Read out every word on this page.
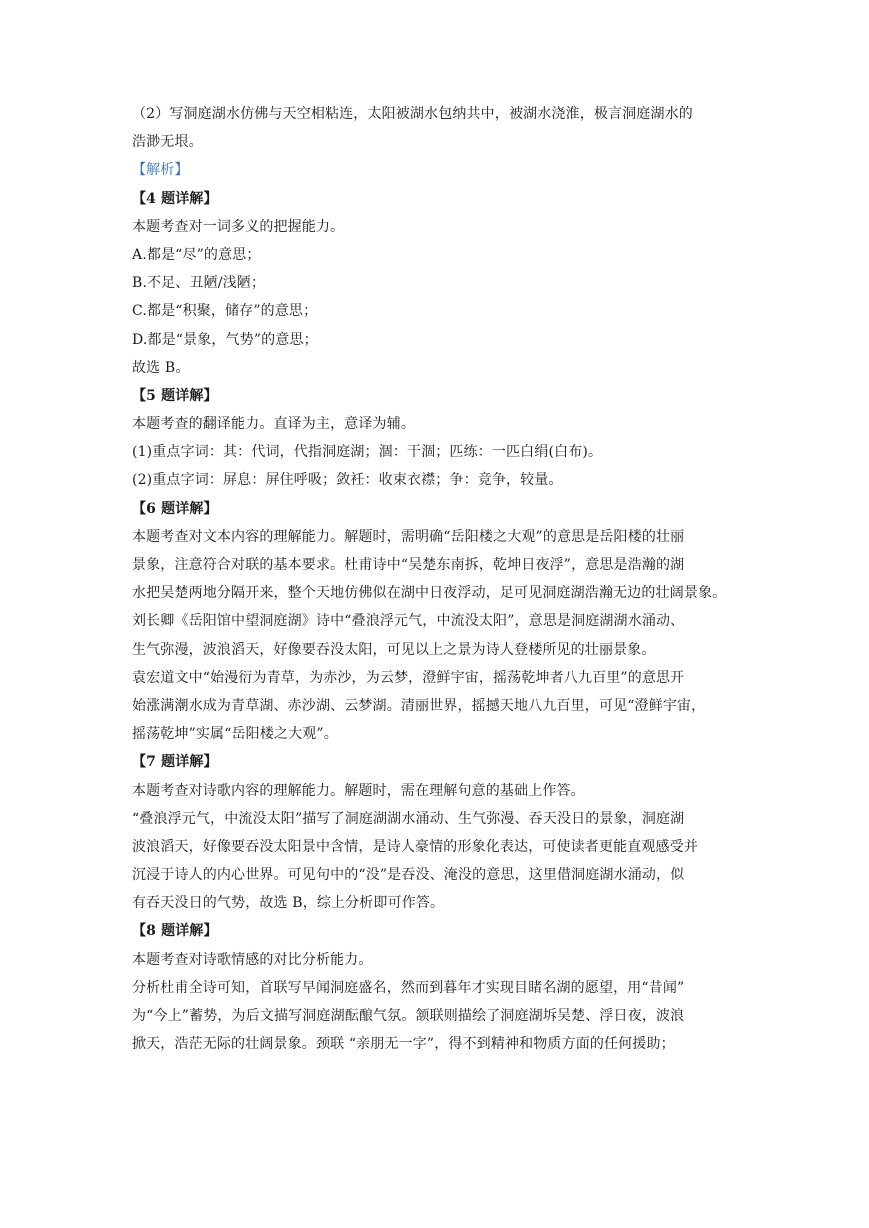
（2）写洞庭湖水仿佛与天空相粘连，太阳被湖水包纳共中，被湖水浇淮，极言洞庭湖水的
浩渺无垠。
【解析】
【4 题详解】
本题考查对一词多义的把握能力。
A.都是“尽”的意思；
B.不足、丑陋/浅陋；
C.都是“积聚，储存”的意思；
D.都是“景象，气势”的意思；
故选 B。
【5 题详解】
本题考查的翻译能力。直译为主，意译为辅。
(1)重点字词：其：代词，代指洞庭湖；涸：干涸；匹练：一匹白绢(白布)。
(2)重点字词：屏息：屏住呼吸；敛衽：收束衣襟；争：竞争，较量。
【6 题详解】
本题考查对文本内容的理解能力。解题时，需明确“岳阳楼之大观”的意思是岳阳楼的壮丽
景象，注意符合对联的基本要求。杜甫诗中“吴楚东南拆，乾坤日夜浮”，意思是浩瀚的湖
水把吴楚两地分隔开来，整个天地仿佛似在湖中日夜浮动，足可见洞庭湖浩瀚无边的壮阔景象。
刘长卿《岳阳馆中望洞庭湖》诗中“叠浪浮元气，中流没太阳”，意思是洞庭湖湖水涌动、
生气弥漫，波浪滔天，好像要吞没太阳，可见以上之景为诗人登楼所见的壮丽景象。
袁宏道文中“始漫衍为青草，为赤沙，为云梦，澄鲜宇宙，摇荡乾坤者八九百里”的意思开
始涨满潮水成为青草湖、赤沙湖、云梦湖。清丽世界，摇撼天地八九百里，可见“澄鲜宇宙，
摇荡乾坤”实属“岳阳楼之大观”。
【7 题详解】
本题考查对诗歌内容的理解能力。解题时，需在理解句意的基础上作答。
“叠浪浮元气，中流没太阳”描写了洞庭湖湖水涌动、生气弥漫、吞天没日的景象，洞庭湖
波浪滔天，好像要吞没太阳景中含情，是诗人豪情的形象化表达，可使读者更能直观感受并
沉浸于诗人的内心世界。可见句中的“没”是吞没、淹没的意思，这里借洞庭湖水涌动，似
有吞天没日的气势，故选 B，综上分析即可作答。
【8 题详解】
本题考查对诗歌情感的对比分析能力。
分析杜甫全诗可知，首联写早闻洞庭盛名，然而到暮年才实现目睹名湖的愿望，用“昔闻”
为“今上”蓄势，为后文描写洞庭湖酝酿气氛。颔联则描绘了洞庭湖坼吴楚、浮日夜，波浪
掀天，浩茫无际的壮阔景象。颈联 “亲朋无一字”，得不到精神和物质方面的任何援助；
